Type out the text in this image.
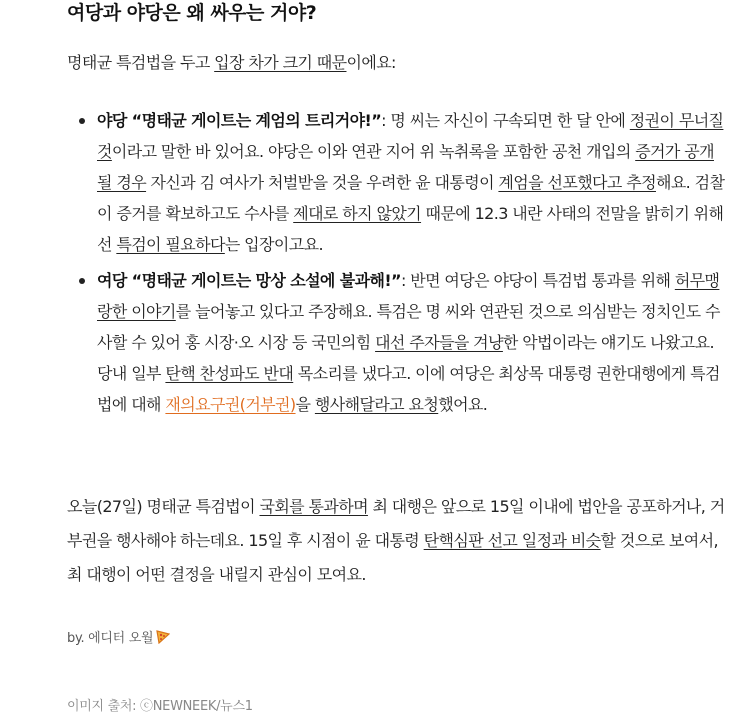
여당과 야당은 왜 싸우는 거야?
명태균 특검법을 두고 입장 차가 크기 때문이에요:
야당 “명태균 게이트는 계엄의 트리거야!”: 명 씨는 자신이 구속되면 한 달 안에 정권이 무너질 것이라고 말한 바 있어요. 야당은 이와 연관 지어 위 녹취록을 포함한 공천 개입의 증거가 공개될 경우 자신과 김 여사가 처벌받을 것을 우려한 윤 대통령이 계엄을 선포했다고 추정해요. 검찰이 증거를 확보하고도 수사를 제대로 하지 않았기 때문에 12.3 내란 사태의 전말을 밝히기 위해선 특검이 필요하다는 입장이고요.
여당 “명태균 게이트는 망상 소설에 불과해!”: 반면 여당은 야당이 특검법 통과를 위해 허무맹랑한 이야기를 늘어놓고 있다고 주장해요. 특검은 명 씨와 연관된 것으로 의심받는 정치인도 수사할 수 있어 홍 시장·오 시장 등 국민의힘 대선 주자들을 겨냥한 악법이라는 얘기도 나왔고요. 당내 일부 탄핵 찬성파도 반대 목소리를 냈다고. 이에 여당은 최상목 대통령 권한대행에게 특검법에 대해 재의요구권(거부권)을 행사해달라고 요청했어요.
오늘(27일) 명태균 특검법이 국회를 통과하며 최 대행은 앞으로 15일 이내에 법안을 공포하거나, 거부권을 행사해야 하는데요. 15일 후 시점이 윤 대통령 탄핵심판 선고 일정과 비슷할 것으로 보여서, 최 대행이 어떤 결정을 내릴지 관심이 모여요.
by. 에디터 오월
이미지 출처: ⓒNEWNEEK/뉴스1
